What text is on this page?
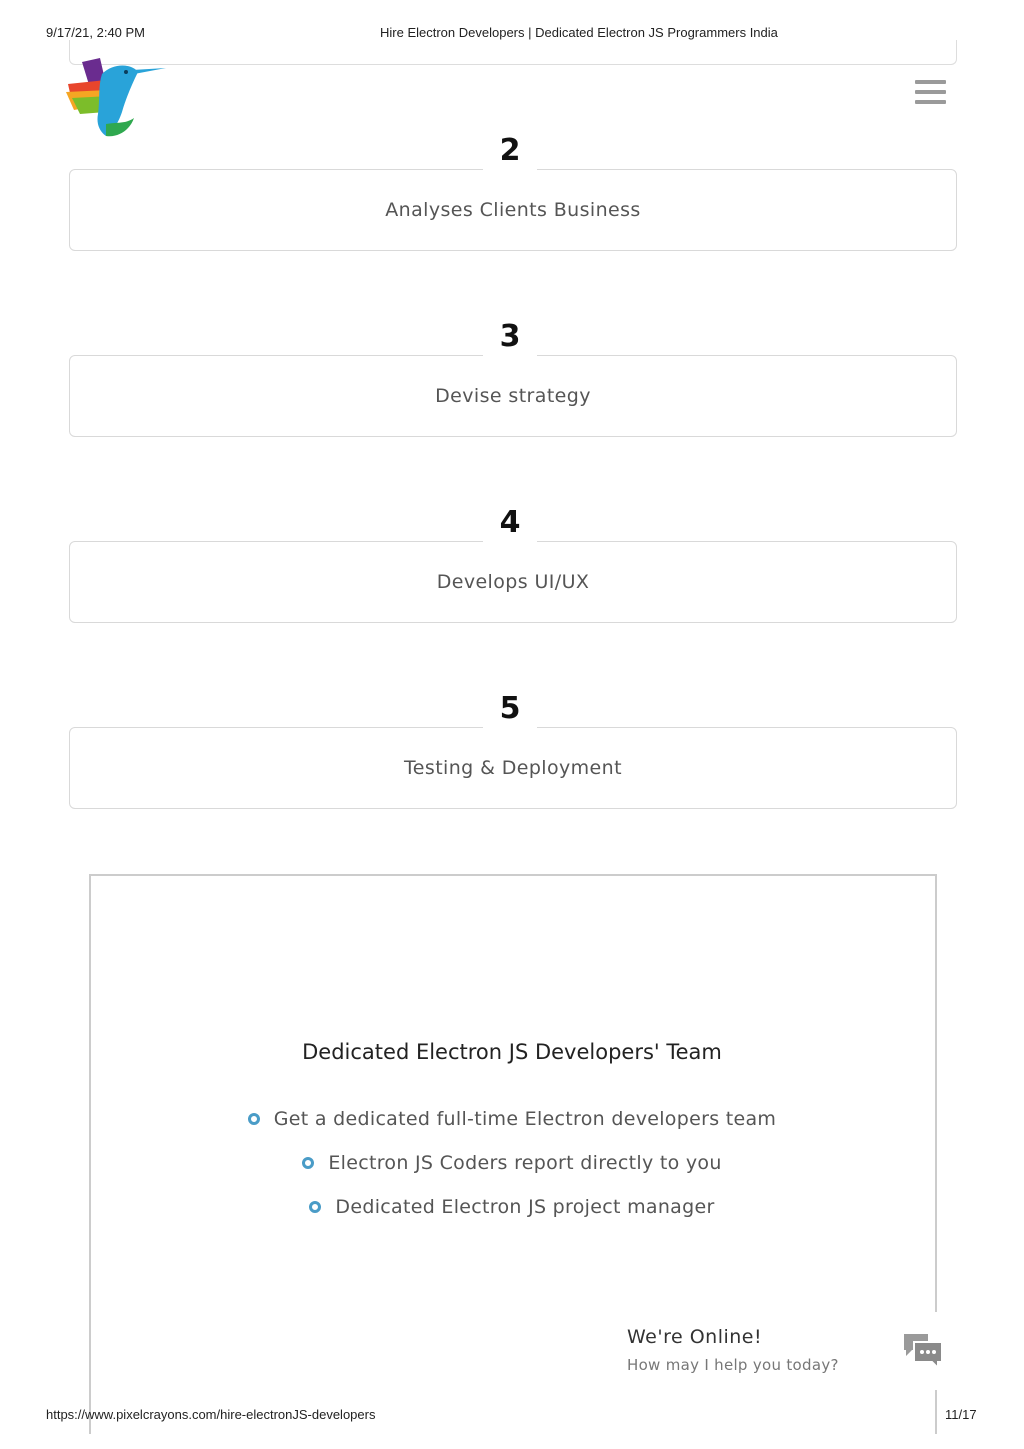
9/17/21, 2:40 PM	Hire Electron Developers | Dedicated Electron JS Programmers India
Analyses Clients Business
2
Devise strategy
3
Develops UI/UX
4
Testing & Deployment
5
Dedicated Electron JS Developers' Team
Get a dedicated full-time Electron developers team
Electron JS Coders report directly to you
Dedicated Electron JS project manager
We're Online!
How may I help you today?
https://www.pixelcrayons.com/hire-electronJS-developers	11/17
